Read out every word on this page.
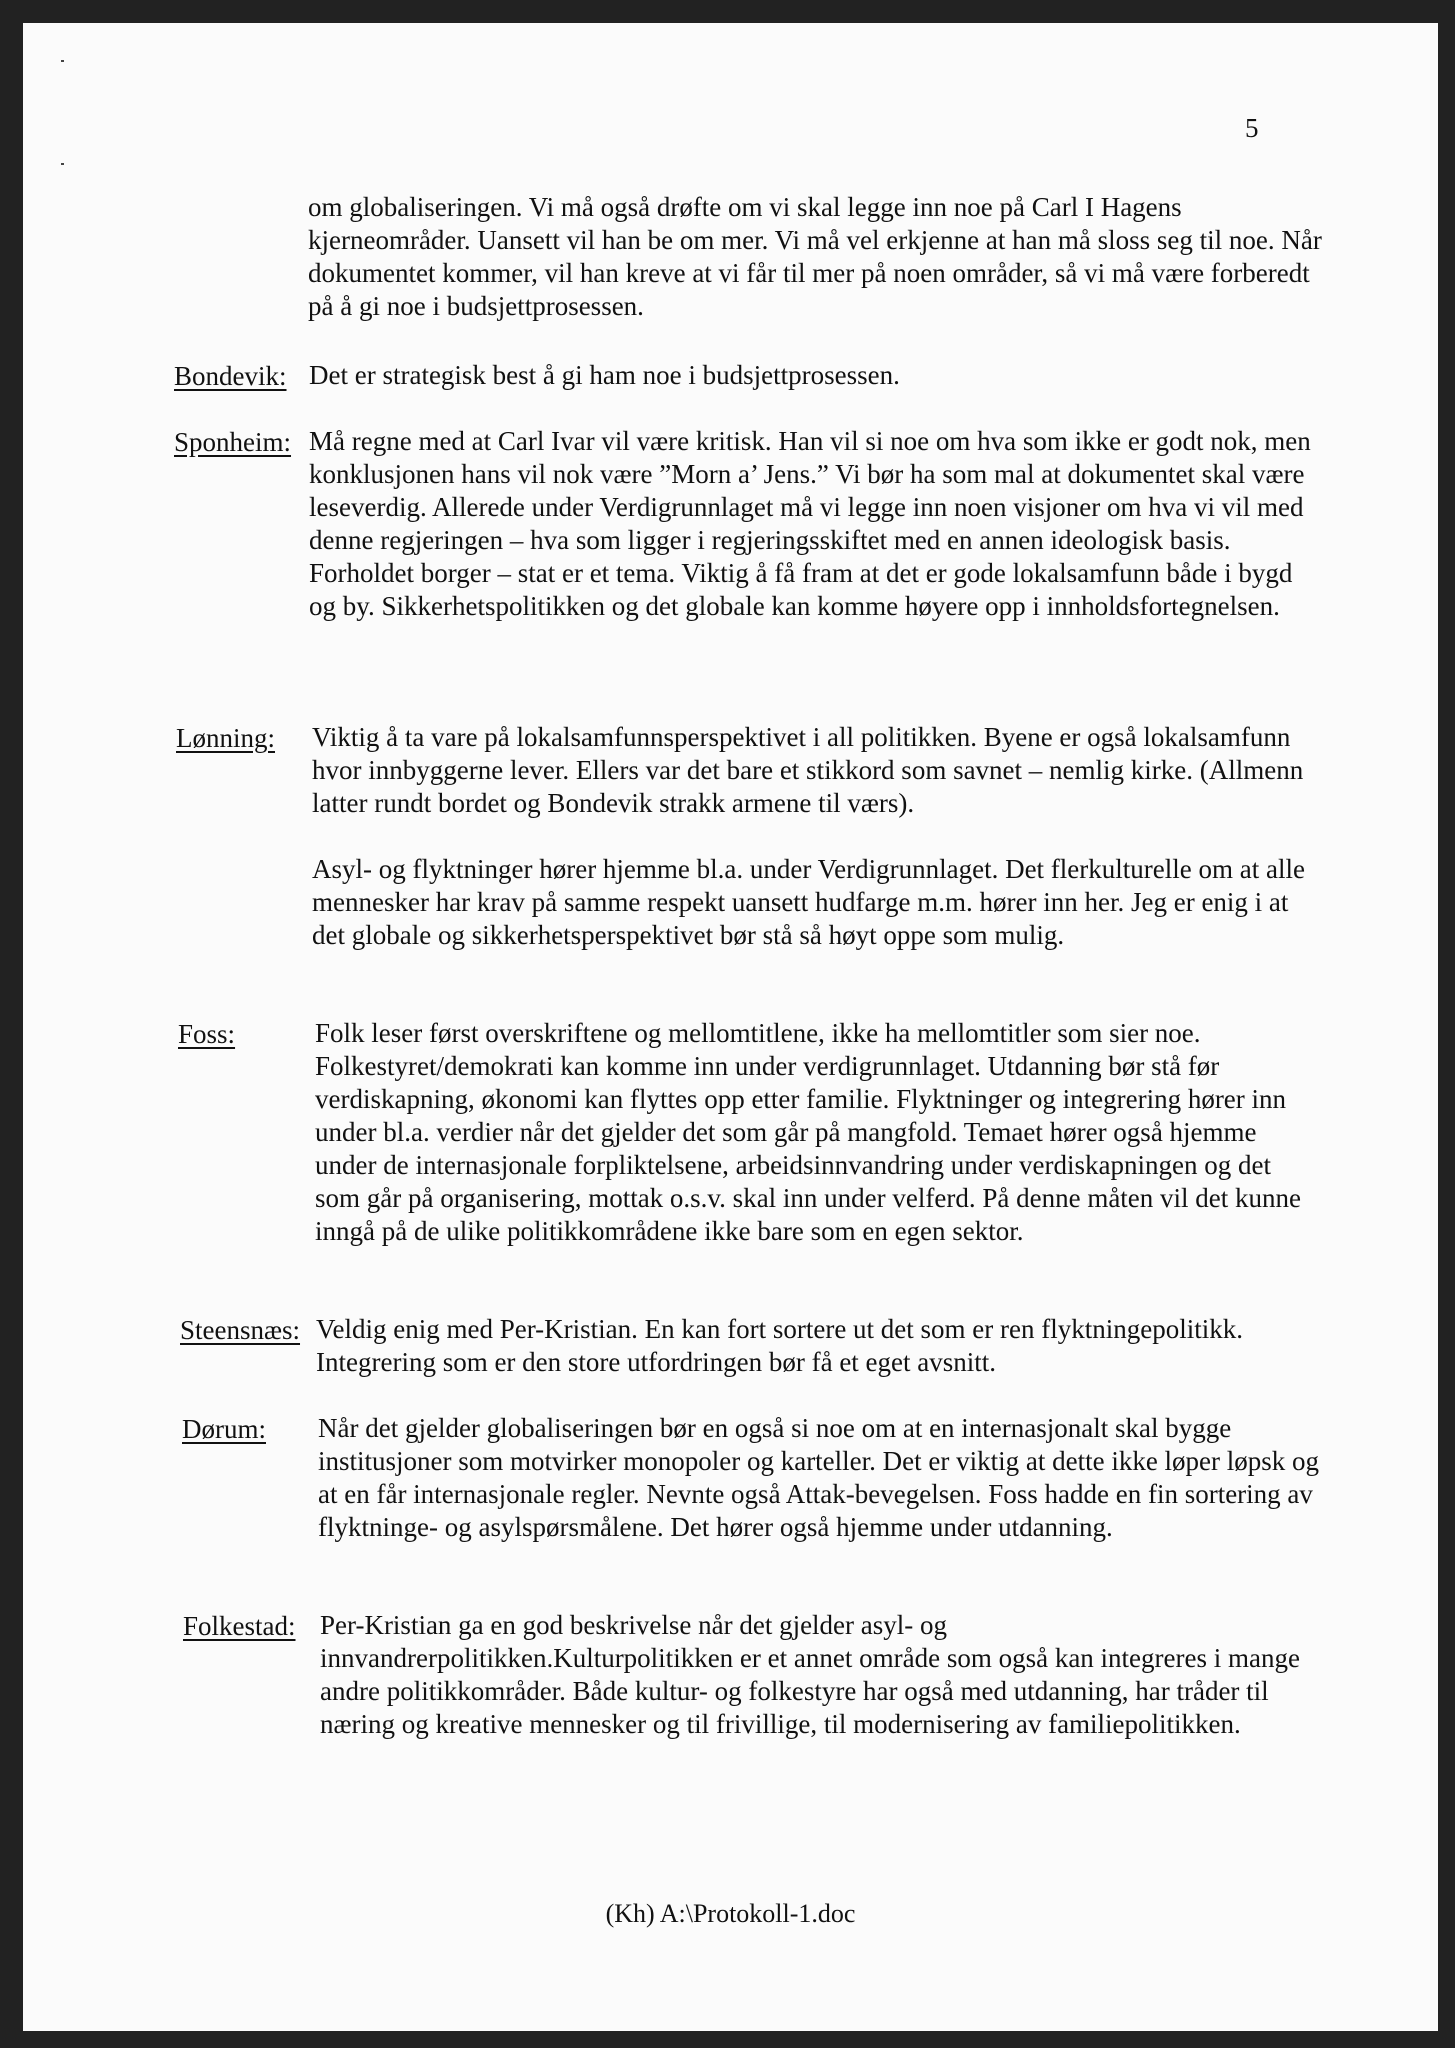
5

om globaliseringen. Vi må også drøfte om vi skal legge inn noe på Carl I Hagens kjerneområder. Uansett vil han be om mer. Vi må vel erkjenne at han må sloss seg til noe. Når dokumentet kommer, vil han kreve at vi får til mer på noen områder, så vi må være forberedt på å gi noe i budsjettprosessen.

Bondevik: Det er strategisk best å gi ham noe i budsjettprosessen.

Sponheim: Må regne med at Carl Ivar vil være kritisk. Han vil si noe om hva som ikke er godt nok, men konklusjonen hans vil nok være ”Morn a’ Jens.” Vi bør ha som mal at dokumentet skal være leseverdig. Allerede under Verdigrunnlaget må vi legge inn noen visjoner om hva vi vil med denne regjeringen – hva som ligger i regjeringsskiftet med en annen ideologisk basis. Forholdet borger – stat er et tema. Viktig å få fram at det er gode lokalsamfunn både i bygd og by. Sikkerhetspolitikken og det globale kan komme høyere opp i innholdsfortegnelsen.

Lønning: Viktig å ta vare på lokalsamfunnsperspektivet i all politikken. Byene er også lokalsamfunn hvor innbyggerne lever. Ellers var det bare et stikkord som savnet – nemlig kirke. (Allmenn latter rundt bordet og Bondevik strakk armene til værs).

Asyl- og flyktninger hører hjemme bl.a. under Verdigrunnlaget. Det flerkulturelle om at alle mennesker har krav på samme respekt uansett hudfarge m.m. hører inn her. Jeg er enig i at det globale og sikkerhetsperspektivet bør stå så høyt oppe som mulig.

Foss:	Folk leser først overskriftene og mellomtitlene, ikke ha mellomtitler som sier noe. Folkestyret/demokrati kan komme inn under verdigrunnlaget. Utdanning bør stå før verdiskapning, økonomi kan flyttes opp etter familie. Flyktninger og integrering hører inn under bl.a. verdier når det gjelder det som går på mangfold. Temaet hører også hjemme under de internasjonale forpliktelsene, arbeidsinnvandring under verdiskapningen og det som går på organisering, mottak o.s.v. skal inn under velferd. På denne måten vil det kunne inngå på de ulike politikkområdene ikke bare som en egen sektor.

Steensnæs: Veldig enig med Per-Kristian. En kan fort sortere ut det som er ren flyktningepolitikk. Integrering som er den store utfordringen bør få et eget avsnitt.

Dørum: Når det gjelder globaliseringen bør en også si noe om at en internasjonalt skal bygge institusjoner som motvirker monopoler og karteller. Det er viktig at dette ikke løper løpsk og at en får internasjonale regler. Nevnte også Attak-bevegelsen. Foss hadde en fin sortering av flyktninge- og asylspørsmålene. Det hører også hjemme under utdanning.

Folkestad: Per-Kristian ga en god beskrivelse når det gjelder asyl- og innvandrerpolitikken.Kulturpolitikken er et annet område som også kan integreres i mange andre politikkområder. Både kultur- og folkestyre har også med utdanning, har tråder til næring og kreative mennesker og til frivillige, til modernisering av familiepolitikken.

(Kh) A:\Protokoll-1.doc
